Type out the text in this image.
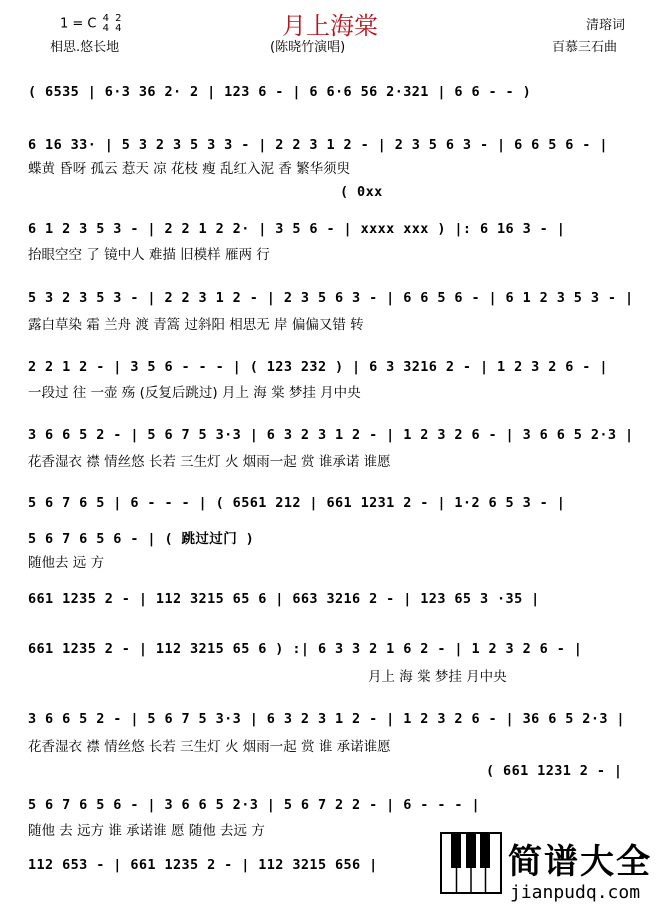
1 = C 4
4

2
4	月上海棠
相思.悠长地	(陈晓竹演唱)
清瑢词
百慕三石曲
( 6535 | 6·3 36 2· 2 | 123 6 - | 6 6·6 56 2·321 | 6 6 - - )
6 16 33· | 5 3 2 3 5 3 3 - | 2 2 3 1 2 - | 2 3 5 6 3 - | 6 6 5 6 - |
蝶黄 昏呀 孤云 惹天 凉 花枝 瘦 乱红入泥 香 繁华须臾
( 0xx
6 1 2 3 5 3 - | 2 2 1 2 2· | 3 5 6 - | xxxx xxx ) |: 6 16 3 - |
抬眼空空 了 镜中人 难描 旧模样 雁两 行
5 3 2 3 5 3 - | 2 2 3 1 2 - | 2 3 5 6 3 - | 6 6 5 6 - | 6 1 2 3 5 3 - |
露白草染 霜 兰舟 渡 青篙 过斜阳 相思无 岸 偏偏又错 转
2 2 1 2 - | 3 5 6 - - - | ( 123 232 ) | 6 3 3216 2 - | 1 2 3 2 6 - |
一段过 往 一壶 殇 (反复后跳过) 月上 海 棠 梦挂 月中央
3 6 6 5 2 - | 5 6 7 5 3·3 | 6 3 2 3 1 2 - | 1 2 3 2 6 - | 3 6 6 5 2·3 |
花香湿衣 襟 情丝悠 长若 三生灯 火 烟雨一起 赏 谁承诺 谁愿
5 6 7 6 5 | 6 - - - | ( 6561 212 | 661 1231 2 - | 1·2 6 5 3 - |
5 6 7 6 5 6 - | ( 跳过过门 )
随他去 远 方
661 1235 2 - | 112 3215 65 6 | 663 3216 2 - | 123 65 3 ·35 |
661 1235 2 - | 112 3215 65 6 ) :| 6 3 3 2 1 6 2 - | 1 2 3 2 6 - |
月上 海 棠 梦挂 月中央
3 6 6 5 2 - | 5 6 7 5 3·3 | 6 3 2 3 1 2 - | 1 2 3 2 6 - | 36 6 5 2·3 |
花香湿衣 襟 情丝悠 长若 三生灯 火 烟雨一起 赏 谁 承诺谁愿
( 661 1231 2 - |
5 6 7 6 5 6 - | 3 6 6 5 2·3 | 5 6 7 2 2 - | 6 - - - |
随他 去 远方 谁 承诺谁 愿 随他 去远 方
112 653 - | 661 1235 2 - | 112 3215 656 |	简谱大全
jianpudq.com
